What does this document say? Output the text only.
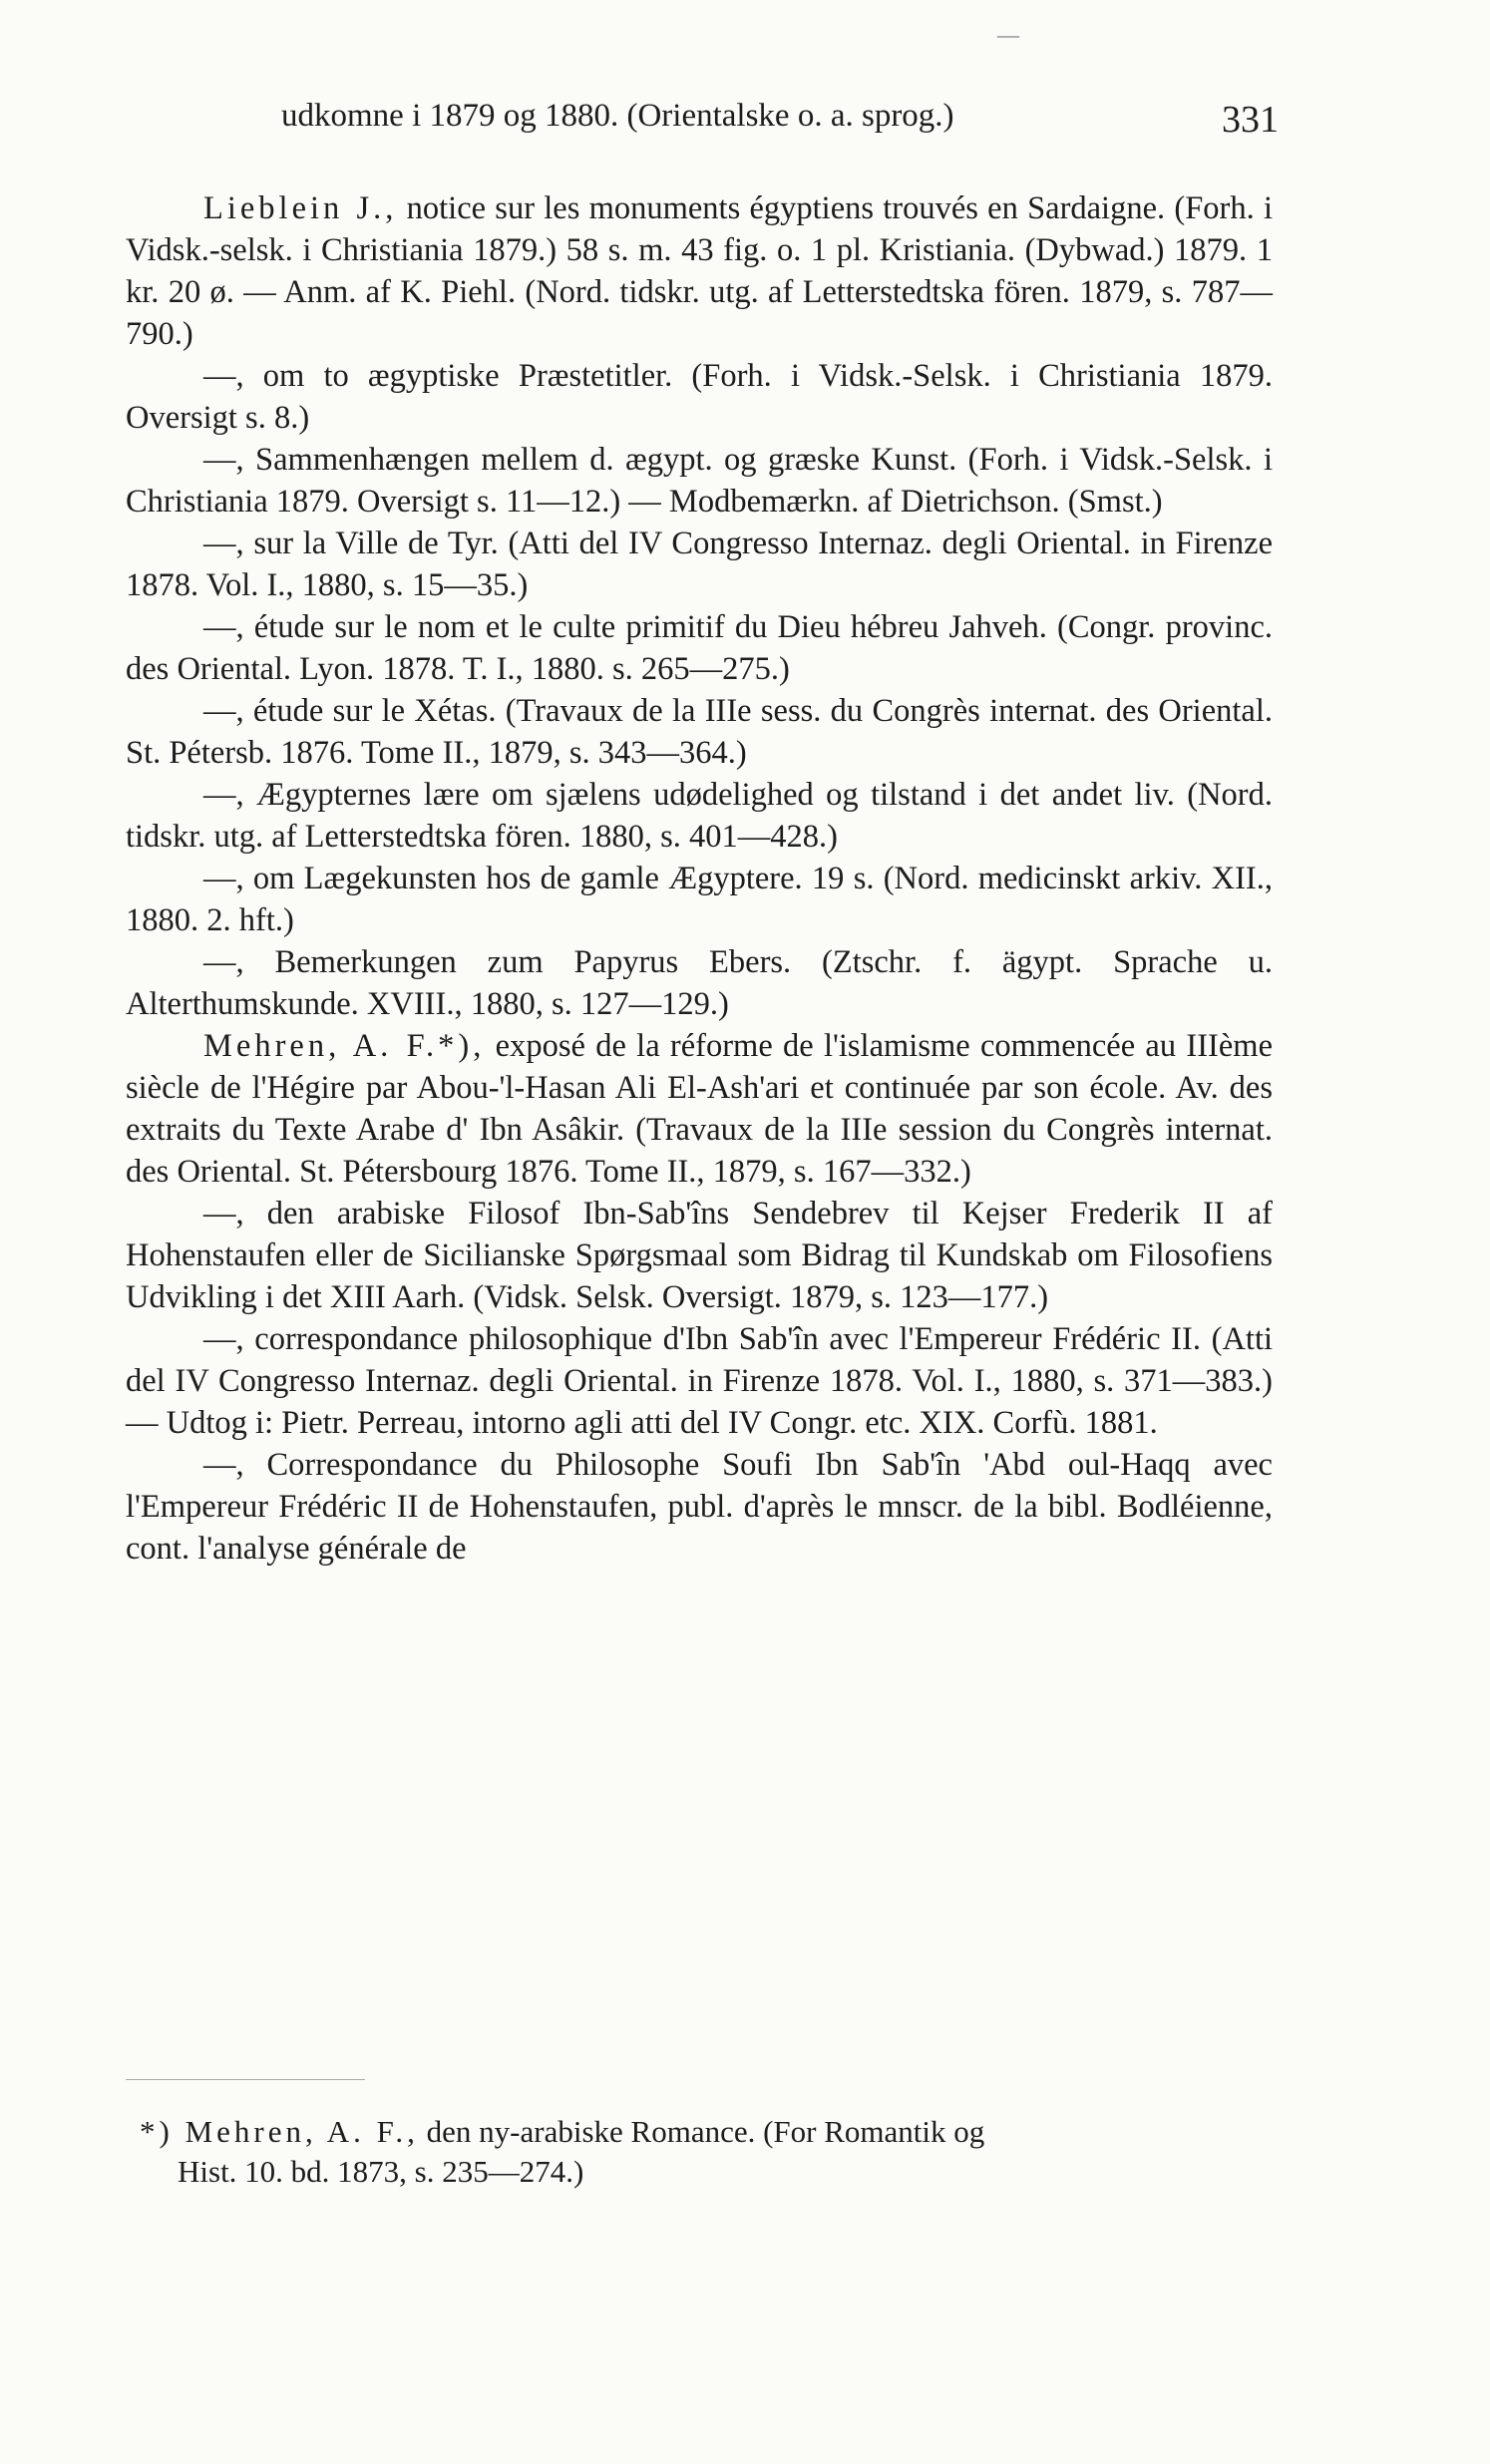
—
udkomne i 1879 og 1880. (Orientalske o. a. sprog.)	331

Lieblein J., notice sur les monuments égyptiens trouvés en Sardaigne. (Forh. i Vidsk.-selsk. i Christiania 1879.) 58 s. m. 43 fig. o. 1 pl. Kristiania. (Dybwad.) 1879. 1 kr. 20 ø. — Anm. af K. Piehl. (Nord. tidskr. utg. af Letterstedtska fören. 1879, s. 787—790.)

—, om to ægyptiske Præstetitler. (Forh. i Vidsk.-Selsk. i Christiania 1879. Oversigt s. 8.)

—, Sammenhængen mellem d. ægypt. og græske Kunst. (Forh. i Vidsk.-Selsk. i Christiania 1879. Oversigt s. 11—12.) — Modbemærkn. af Dietrichson. (Smst.)

—, sur la Ville de Tyr. (Atti del IV Congresso Internaz. degli Oriental. in Firenze 1878. Vol. I., 1880, s. 15—35.)

—, étude sur le nom et le culte primitif du Dieu hébreu Jahveh. (Congr. provinc. des Oriental. Lyon. 1878. T. I., 1880. s. 265—275.)

—, étude sur le Xétas. (Travaux de la IIIe sess. du Congrès internat. des Oriental. St. Pétersb. 1876. Tome II., 1879, s. 343—364.)

—, Ægypternes lære om sjælens udødelighed og tilstand i det andet liv. (Nord. tidskr. utg. af Letterstedtska fören. 1880, s. 401—428.)

—, om Lægekunsten hos de gamle Ægyptere. 19 s. (Nord. medicinskt arkiv. XII., 1880. 2. hft.)

—, Bemerkungen zum Papyrus Ebers. (Ztschr. f. ägypt. Sprache u. Alterthumskunde. XVIII., 1880, s. 127—129.)

Mehren, A. F.*), exposé de la réforme de l'islamisme commencée au IIIème siècle de l'Hégire par Abou-'l-Hasan Ali El-Ash'ari et continuée par son école. Av. des extraits du Texte Arabe d' Ibn Asâkir. (Travaux de la IIIe session du Congrès internat. des Oriental. St. Pétersbourg 1876. Tome II., 1879, s. 167—332.)

—, den arabiske Filosof Ibn-Sab'îns Sendebrev til Kejser Frederik II af Hohenstaufen eller de Sicilianske Spørgsmaal som Bidrag til Kundskab om Filosofiens Udvikling i det XIII Aarh. (Vidsk. Selsk. Oversigt. 1879, s. 123—177.)

—, correspondance philosophique d'Ibn Sab'în avec l'Empereur Frédéric II. (Atti del IV Congresso Internaz. degli Oriental. in Firenze 1878. Vol. I., 1880, s. 371—383.) — Udtog i: Pietr. Perreau, intorno agli atti del IV Congr. etc. XIX. Corfù. 1881.

—, Correspondance du Philosophe Soufi Ibn Sab'în 'Abd oul-Haqq avec l'Empereur Frédéric II de Hohenstaufen, publ. d'après le mnscr. de la bibl. Bodléienne, cont. l'analyse générale de

*) Mehren, A. F., den ny-arabiske Romance. (For Romantik og
Hist. 10. bd. 1873, s. 235—274.)
